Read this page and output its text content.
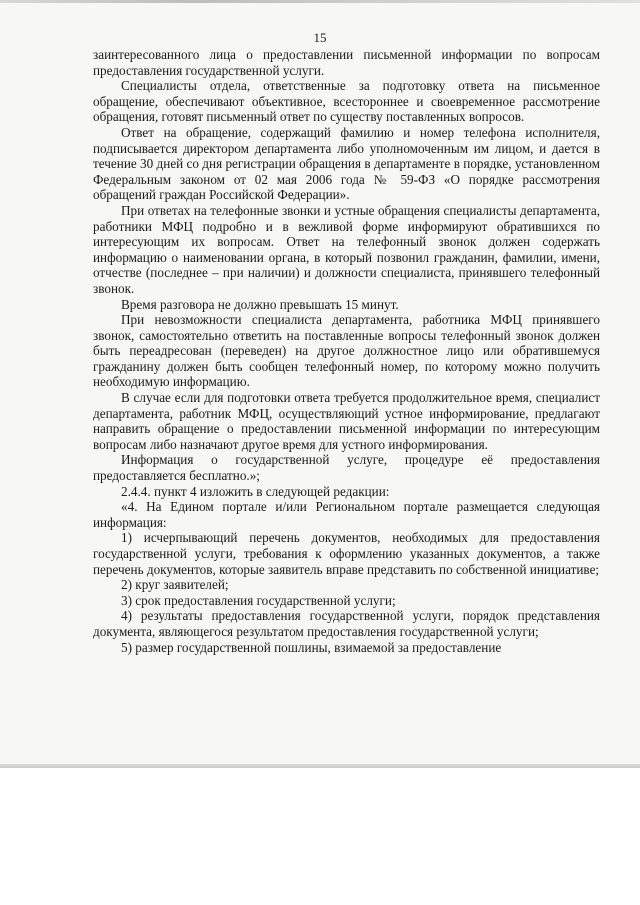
15

заинтересованного лица о предоставлении письменной информации по вопросам предоставления государственной услуги.

Специалисты отдела, ответственные за подготовку ответа на письменное обращение, обеспечивают объективное, всестороннее и своевременное рассмотрение обращения, готовят письменный ответ по существу поставленных вопросов.

Ответ на обращение, содержащий фамилию и номер телефона исполнителя, подписывается директором департамента либо уполномоченным им лицом, и дается в течение 30 дней со дня регистрации обращения в департаменте в порядке, установленном Федеральным законом от 02 мая 2006 года № 59-ФЗ «О порядке рассмотрения обращений граждан Российской Федерации».

При ответах на телефонные звонки и устные обращения специалисты департамента, работники МФЦ подробно и в вежливой форме информируют обратившихся по интересующим их вопросам. Ответ на телефонный звонок должен содержать информацию о наименовании органа, в который позвонил гражданин, фамилии, имени, отчестве (последнее – при наличии) и должности специалиста, принявшего телефонный звонок.

Время разговора не должно превышать 15 минут.

При невозможности специалиста департамента, работника МФЦ принявшего звонок, самостоятельно ответить на поставленные вопросы телефонный звонок должен быть переадресован (переведен) на другое должностное лицо или обратившемуся гражданину должен быть сообщен телефонный номер, по которому можно получить необходимую информацию.

В случае если для подготовки ответа требуется продолжительное время, специалист департамента, работник МФЦ, осуществляющий устное информирование, предлагают направить обращение о предоставлении письменной информации по интересующим вопросам либо назначают другое время для устного информирования.

Информация о государственной услуге, процедуре её предоставления предоставляется бесплатно.»;

2.4.4. пункт 4 изложить в следующей редакции:

«4. На Едином портале и/или Региональном портале размещается следующая информация:

1) исчерпывающий перечень документов, необходимых для предоставления государственной услуги, требования к оформлению указанных документов, а также перечень документов, которые заявитель вправе представить по собственной инициативе;

2) круг заявителей;

3) срок предоставления государственной услуги;

4) результаты предоставления государственной услуги, порядок представления документа, являющегося результатом предоставления государственной услуги;

5) размер государственной пошлины, взимаемой за предоставление
